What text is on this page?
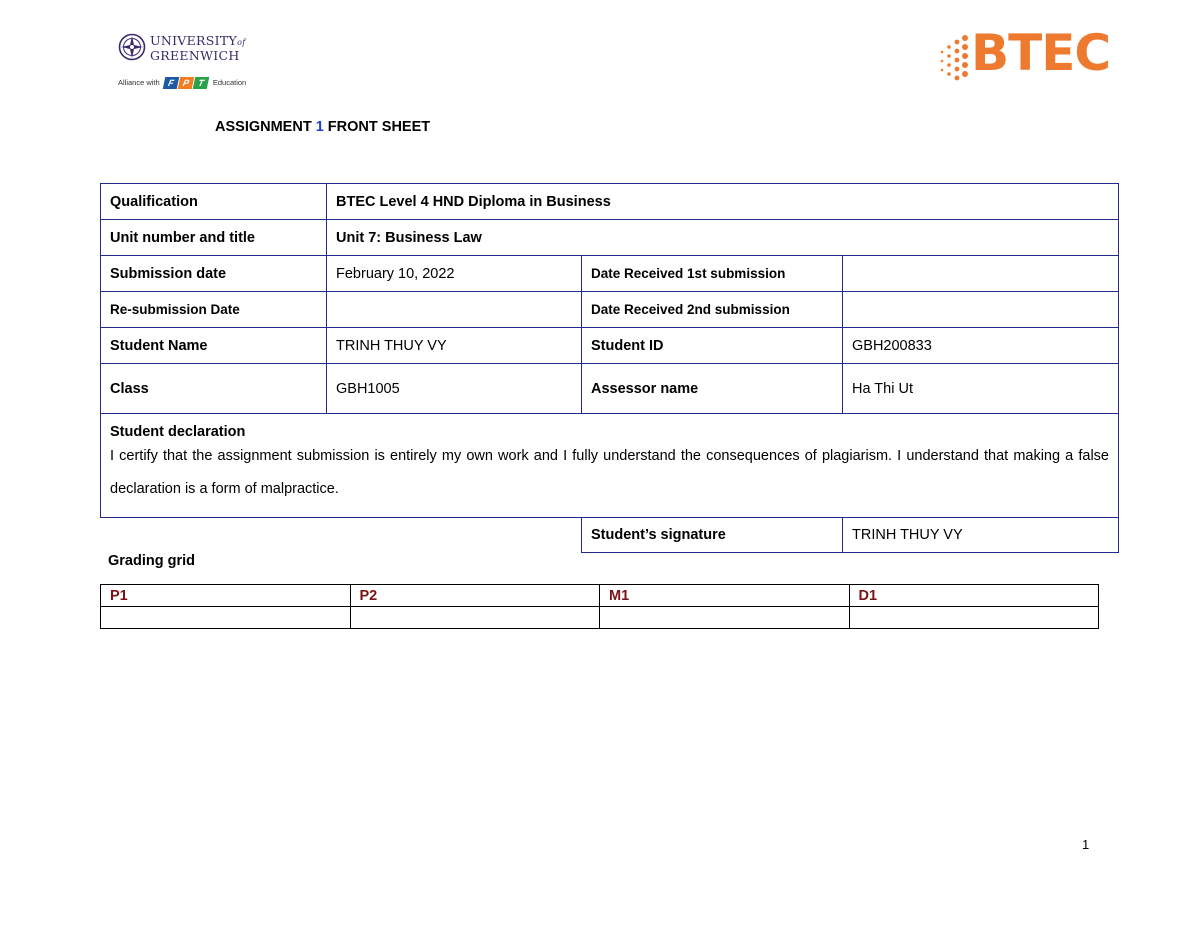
UNIVERSITYof
GREENWICH
Alliance with F P T Education
BTEC
ASSIGNMENT 1 FRONT SHEET
Qualification	BTEC Level 4 HND Diploma in Business		
Unit number and title	Unit 7: Business Law		
Submission date	February 10, 2022	Date Received 1st submission	
Re-submission Date		Date Received 2nd submission	
Student Name	TRINH THUY VY	Student ID	GBH200833
Class	GBH1005	Assessor name	Ha Thi Ut

Student declaration
I certify that the assignment submission is entirely my own work and I fully understand the consequences of plagiarism. I understand that making a false declaration is a form of malpractice.			

		Student’s signature	TRINH THUY VY
Grading grid
P1	P2	M1	D1

1
